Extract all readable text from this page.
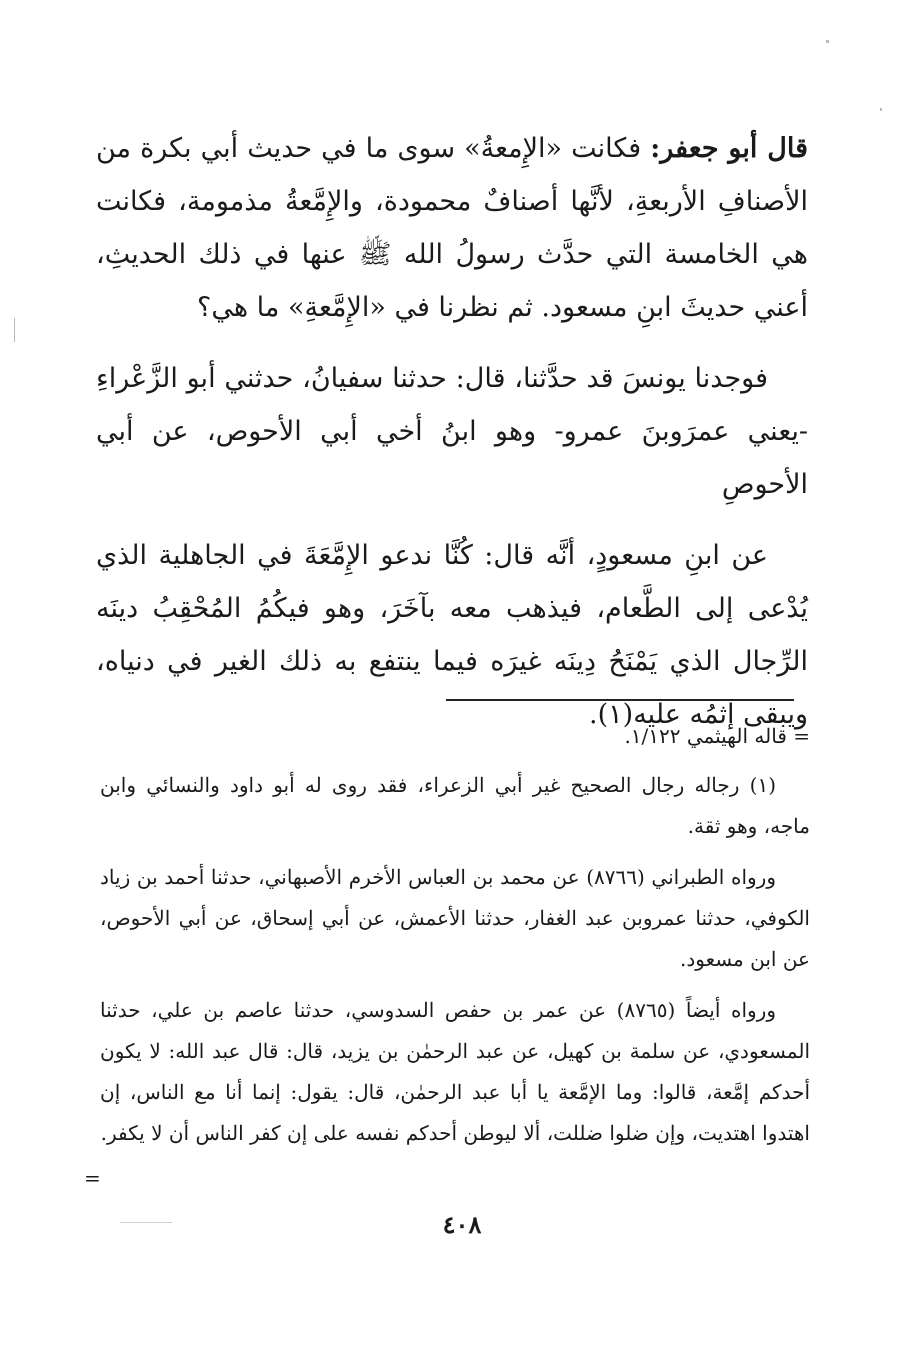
قال أبو جعفر: فكانت «الإِمعةُ» سوى ما في حديث أبي بكرة من الأصنافِ الأربعةِ، لأنَّها أصنافٌ محمودة، والإِمَّعةُ مذمومة، فكانت هي الخامسة التي حدَّث رسولُ الله ﷺ عنها في ذلك الحديثِ، أعني حديثَ ابنِ مسعود. ثم نظرنا في «الإِمَّعةِ» ما هي؟

فوجدنا يونسَ قد حدَّثنا، قال: حدثنا سفيانُ، حدثني أبو الزَّعْراءِ -يعني عمرَوبنَ عمرو- وهو ابنُ أخي أبي الأحوص، عن أبي الأحوصِ

عن ابنِ مسعودٍ، أنَّه قال: كُنَّا ندعو الإِمَّعَةَ في الجاهلية الذي يُدْعى إلى الطَّعام، فيذهب معه بآخَرَ، وهو فيكُمُ المُحْقِبُ دينَه الرِّجال الذي يَمْنَحُ دِينَه غيرَه فيما ينتفع به ذلك الغير في دنياه، ويبقى إثمُه عليه(١).

= قاله الهيثمي ١/١٢٢.

(١) رجاله رجال الصحيح غير أبي الزعراء، فقد روى له أبو داود والنسائي وابن ماجه، وهو ثقة.

ورواه الطبراني (٨٧٦٦) عن محمد بن العباس الأخرم الأصبهاني، حدثنا أحمد بن زياد الكوفي، حدثنا عمروبن عبد الغفار، حدثنا الأعمش، عن أبي إسحاق، عن أبي الأحوص، عن ابن مسعود.

ورواه أيضاً (٨٧٦٥) عن عمر بن حفص السدوسي، حدثنا عاصم بن علي، حدثنا المسعودي، عن سلمة بن كهيل، عن عبد الرحمٰن بن يزيد، قال: قال عبد الله: لا يكون أحدكم إمَّعة، قالوا: وما الإمَّعة يا أبا عبد الرحمٰن، قال: يقول: إنما أنا مع الناس، إن اهتدوا اهتديت، وإن ضلوا ضللت، ألا ليوطن أحدكم نفسه على إن كفر الناس أن لا يكفر.

=
٤٠٨
